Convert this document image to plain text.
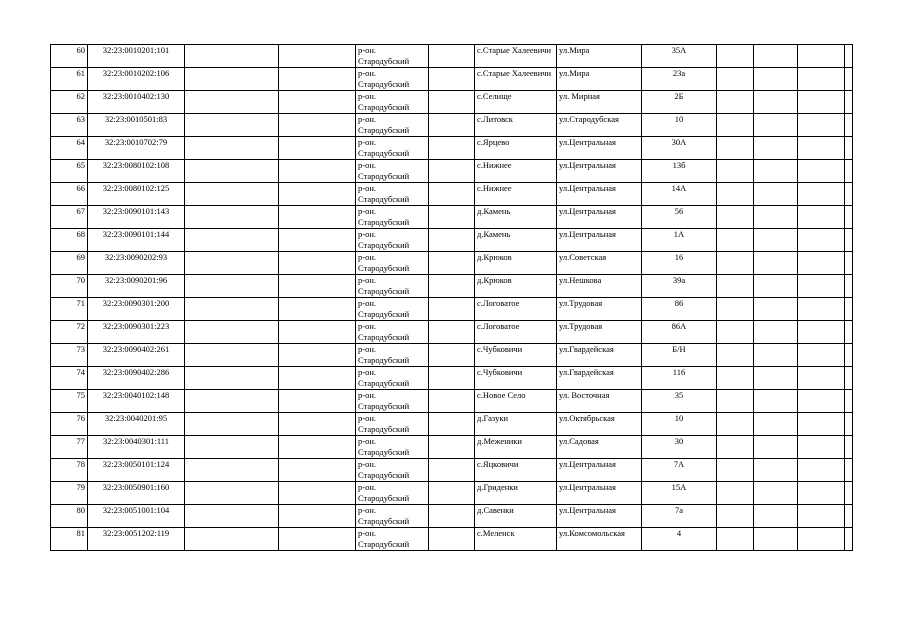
60	32:23:0010201:101			р-он.
Стародубский		с.Старые Халеевичи	ул.Мира	35А				
61	32:23:0010202:106			р-он.
Стародубский		с.Старые Халеевичи	ул.Мира	23а				
62	32:23:0010402:130			р-он.
Стародубский		с.Селище	ул. Мирная	2Б				
63	32:23:0010501:83			р-он.
Стародубский		с.Литовск	ул.Стародубская	10				
64	32:23:0010702:79			р-он.
Стародубский		с.Ярцево	ул.Центральная	30А				
65	32:23:0080102:108			р-он.
Стародубский		с.Нижнее	ул.Центральная	13б				
66	32:23:0080102:125			р-он.
Стародубский		с.Нижнее	ул.Центральная	14А				
67	32:23:0090101:143			р-он.
Стародубский		д.Камень	ул.Центральная	56				
68	32:23:0090101:144			р-он.
Стародубский		д.Камень	ул.Центральная	1А				
69	32:23:0090202:93			р-он.
Стародубский		д.Крюков	ул.Советская	16				
70	32:23:0090201:96			р-он.
Стародубский		д.Крюков	ул.Нешкова	39а				
71	32:23:0090301:200			р-он.
Стародубский		с.Логоватое	ул.Трудовая	86				
72	32:23:0090301:223			р-он.
Стародубский		с.Логоватое	ул.Трудовая	86А				
73	32:23:0090402:261			р-он.
Стародубский		с.Чубковичи	ул.Гвардейская	Б/Н				
74	32:23:0090402:286			р-он.
Стародубский		с.Чубковичи	ул.Гвардейская	116				
75	32:23:0040102:148			р-он.
Стародубский		с.Новое Село	ул. Восточная	35				
76	32:23:0040201:95			р-он.
Стародубский		д.Газуки	ул.Октябрьская	10				
77	32:23:0040301:111			р-он.
Стародубский		д.Меженики	ул.Садовая	30				
78	32:23:0050101:124			р-он.
Стародубский		с.Яцковичи	ул.Центральная	7А				
79	32:23:0050901:160			р-он.
Стародубский		д.Гриденки	ул.Центральная	15А				
80	32:23:0051001:104			р-он.
Стародубский		д.Савенки	ул.Центральная	7а				
81	32:23:0051202:119			р-он.
Стародубский		с.Меленск	ул.Комсомольская	4				
